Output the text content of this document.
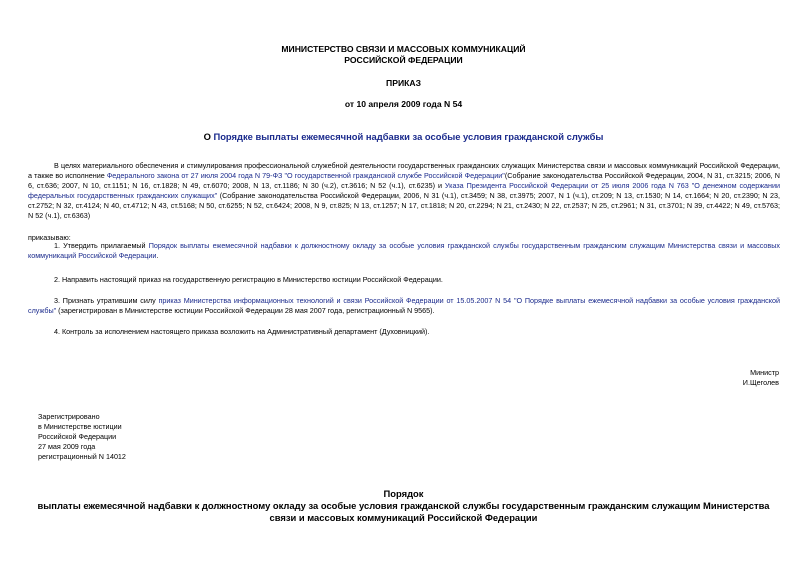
МИНИСТЕРСТВО СВЯЗИ И МАССОВЫХ КОММУНИКАЦИЙ
РОССИЙСКОЙ ФЕДЕРАЦИИ
ПРИКАЗ
от 10 апреля 2009 года N 54
О Порядке выплаты ежемесячной надбавки за особые условия гражданской службы

В целях материального обеспечения и стимулирования профессиональной служебной деятельности государственных гражданских служащих Министерства связи и массовых коммуникаций Российской Федерации, а также во исполнение Федерального закона от 27 июля 2004 года N 79-ФЗ "О государственной гражданской службе Российской Федерации"(Собрание законодательства Российской Федерации, 2004, N 31, ст.3215; 2006, N 6, ст.636; 2007, N 10, ст.1151; N 16, ст.1828; N 49, ст.6070; 2008, N 13, ст.1186; N 30 (ч.2), ст.3616; N 52 (ч.1), ст.6235) и Указа Президента Российской Федерации от 25 июля 2006 года N 763 "О денежном содержании федеральных государственных гражданских служащих" (Собрание законодательства Российской Федерации, 2006, N 31 (ч.1), ст.3459; N 38, ст.3975; 2007, N 1 (ч.1), ст.209; N 13, ст.1530; N 14, ст.1664; N 20, ст.2390; N 23, ст.2752; N 32, ст.4124; N 40, ст.4712; N 43, ст.5168; N 50, ст.6255; N 52, ст.6424; 2008, N 9, ст.825; N 13, ст.1257; N 17, ст.1818; N 20, ст.2294; N 21, ст.2430; N 22, ст.2537; N 25, ст.2961; N 31, ст.3701; N 39, ст.4422; N 49, ст.5763; N 52 (ч.1), ст.6363)

приказываю:

1. Утвердить прилагаемый Порядок выплаты ежемесячной надбавки к должностному окладу за особые условия гражданской службы государственным гражданским служащим Министерства связи и массовых коммуникаций Российской Федерации.

2. Направить настоящий приказ на государственную регистрацию в Министерство юстиции Российской Федерации.

3. Признать утратившим силу приказ Министерства информационных технологий и связи Российской Федерации от 15.05.2007 N 54 "О Порядке выплаты ежемесячной надбавки за особые условия гражданской службы" (зарегистрирован в Министерстве юстиции Российской Федерации 28 мая 2007 года, регистрационный N 9565).

4. Контроль за исполнением настоящего приказа возложить на Административный департамент (Духовницкий).

Министр
И.Щеголев
Зарегистрировано
в Министерстве юстиции
Российской Федерации
27 мая 2009 года
регистрационный N 14012
Порядок
выплаты ежемесячной надбавки к должностному окладу за особые условия гражданской службы государственным гражданским служащим Министерства связи и массовых коммуникаций Российской Федерации
